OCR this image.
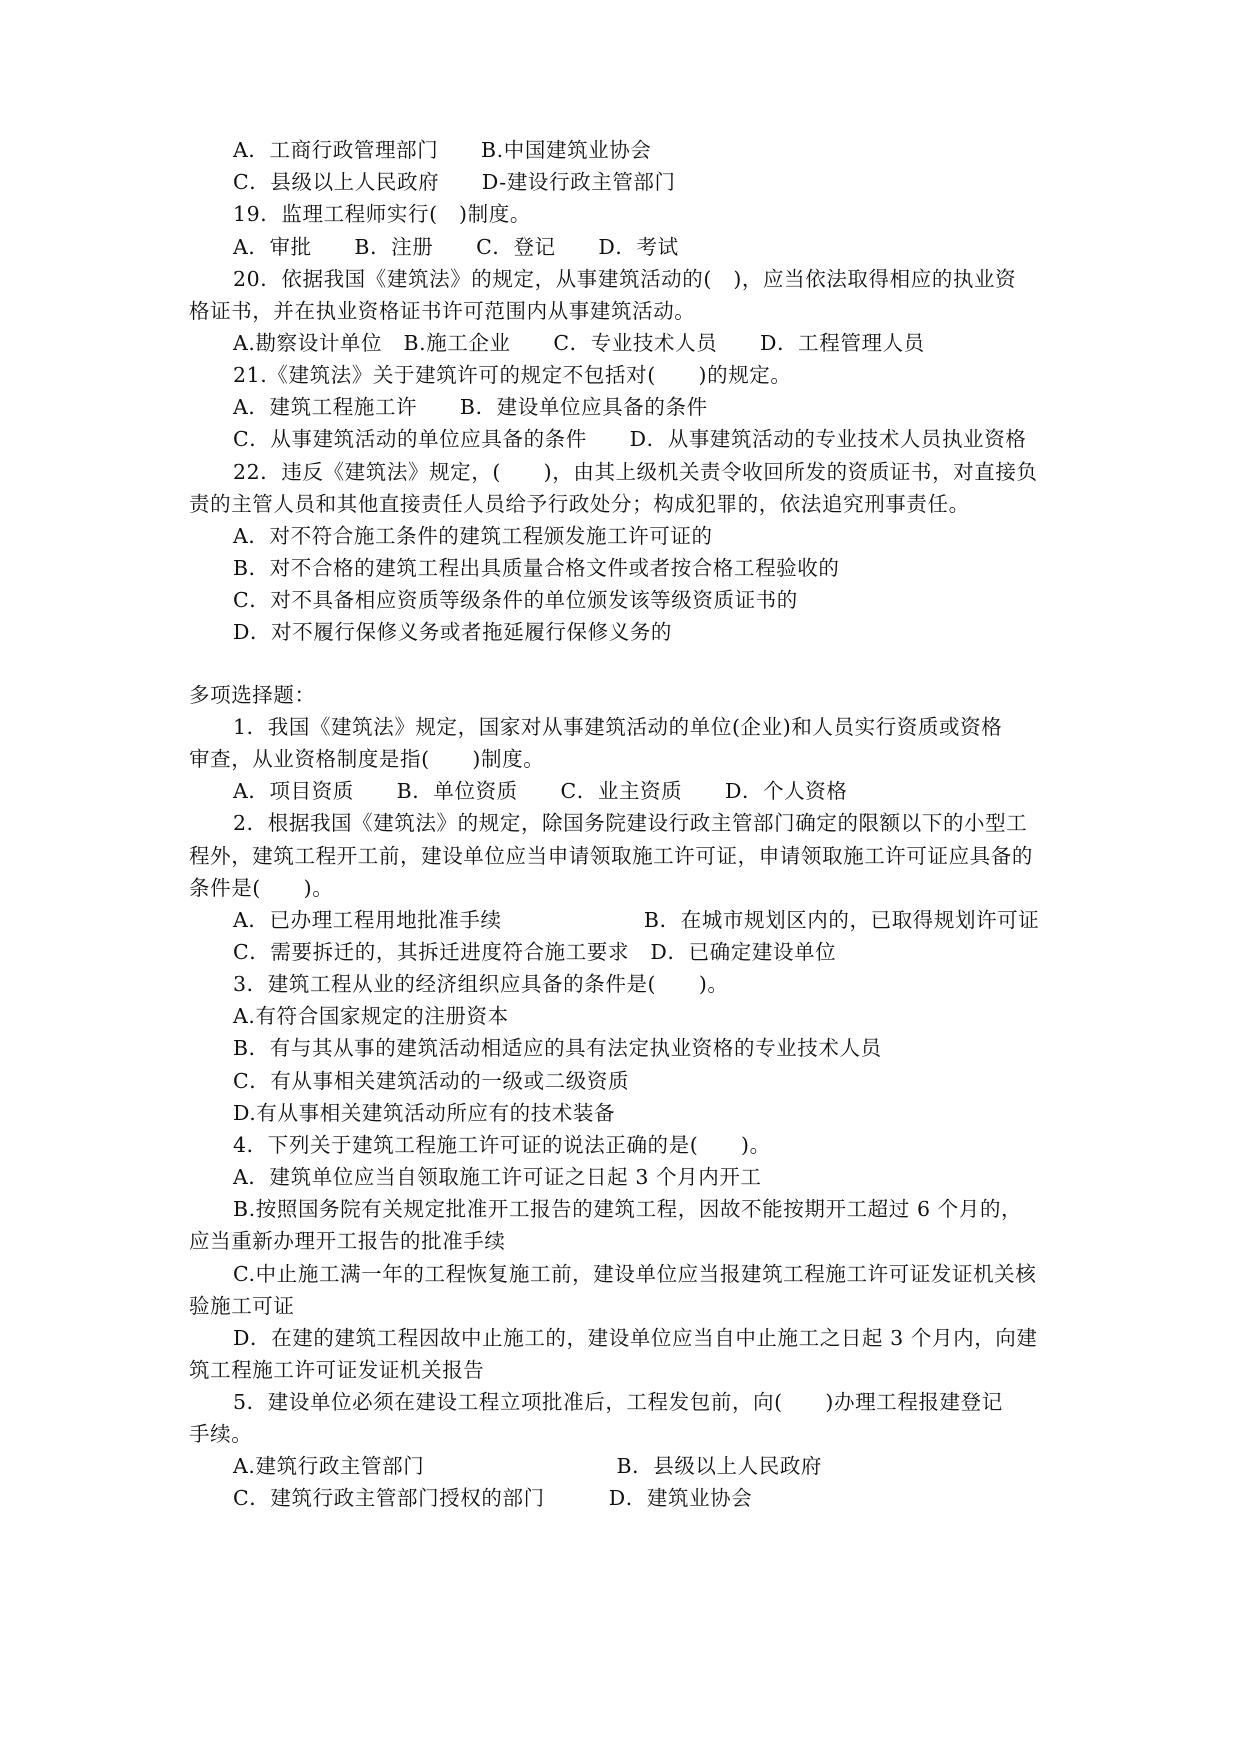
A．工商行政管理部门      B.中国建筑业协会
C．县级以上人民政府      D-建设行政主管部门
19．监理工程师实行(   )制度。
A．审批      B．注册      C．登记      D．考试
20．依据我国《建筑法》的规定，从事建筑活动的(   )，应当依法取得相应的执业资
格证书，并在执业资格证书许可范围内从事建筑活动。
A.勘察设计单位   B.施工企业      C．专业技术人员      D．工程管理人员
21.《建筑法》关于建筑许可的规定不包括对(      )的规定。
A．建筑工程施工许      B．建设单位应具备的条件
C．从事建筑活动的单位应具备的条件      D．从事建筑活动的专业技术人员执业资格
22．违反《建筑法》规定，(      )，由其上级机关责令收回所发的资质证书，对直接负
责的主管人员和其他直接责任人员给予行政处分；构成犯罪的，依法追究刑事责任。
A．对不符合施工条件的建筑工程颁发施工许可证的
B．对不合格的建筑工程出具质量合格文件或者按合格工程验收的
C．对不具备相应资质等级条件的单位颁发该等级资质证书的
D．对不履行保修义务或者拖延履行保修义务的
多项选择题：
1．我国《建筑法》规定，国家对从事建筑活动的单位(企业)和人员实行资质或资格
审查，从业资格制度是指(      )制度。
A．项目资质      B．单位资质      C．业主资质      D．个人资格
2．根据我国《建筑法》的规定，除国务院建设行政主管部门确定的限额以下的小型工
程外，建筑工程开工前，建设单位应当申请领取施工许可证，申请领取施工许可证应具备的
条件是(      )。
A．已办理工程用地批准手续                    B．在城市规划区内的，已取得规划许可证
C．需要拆迁的，其拆迁进度符合施工要求   D．已确定建设单位
3．建筑工程从业的经济组织应具备的条件是(      )。
A.有符合国家规定的注册资本
B．有与其从事的建筑活动相适应的具有法定执业资格的专业技术人员
C．有从事相关建筑活动的一级或二级资质
D.有从事相关建筑活动所应有的技术装备
4．下列关于建筑工程施工许可证的说法正确的是(      )。
A．建筑单位应当自领取施工许可证之日起 3 个月内开工
B.按照国务院有关规定批准开工报告的建筑工程，因故不能按期开工超过 6 个月的，
应当重新办理开工报告的批准手续
C.中止施工满一年的工程恢复施工前，建设单位应当报建筑工程施工许可证发证机关核
验施工可证
D．在建的建筑工程因故中止施工的，建设单位应当自中止施工之日起 3 个月内，向建
筑工程施工许可证发证机关报告
5．建设单位必须在建设工程立项批准后，工程发包前，向(      )办理工程报建登记
手续。
A.建筑行政主管部门                           B．县级以上人民政府
C．建筑行政主管部门授权的部门         D．建筑业协会
